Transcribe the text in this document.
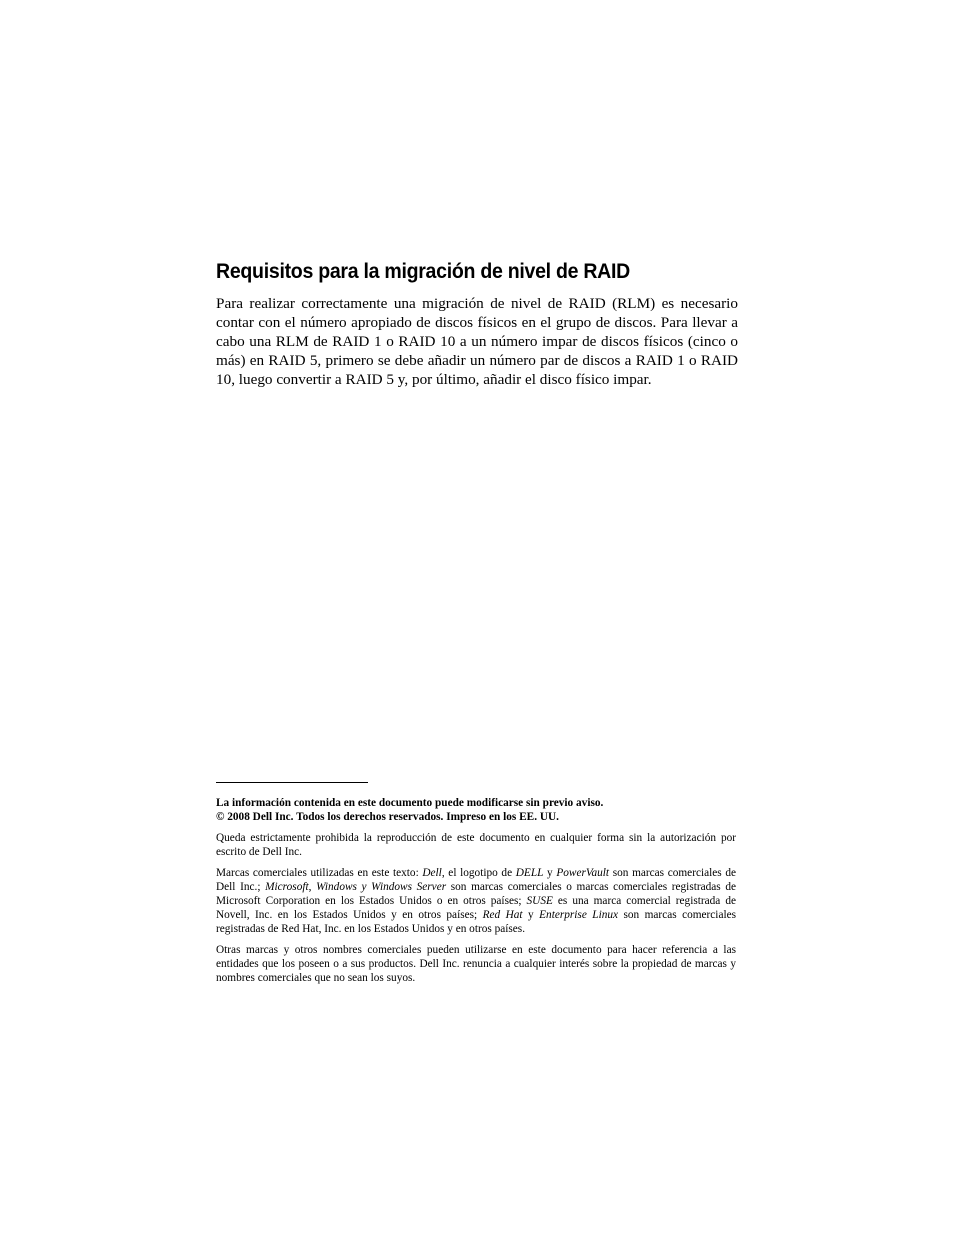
Requisitos para la migración de nivel de RAID

Para realizar correctamente una migración de nivel de RAID (RLM) es necesario contar con el número apropiado de discos físicos en el grupo de discos. Para llevar a cabo una RLM de RAID 1 o RAID 10 a un número impar de discos físicos (cinco o más) en RAID 5, primero se debe añadir un número par de discos a RAID 1 o RAID 10, luego convertir a RAID 5 y, por último, añadir el disco físico impar.

La información contenida en este documento puede modificarse sin previo aviso.
© 2008 Dell Inc. Todos los derechos reservados. Impreso en los EE. UU.

Queda estrictamente prohibida la reproducción de este documento en cualquier forma sin la autorización por escrito de Dell Inc.

Marcas comerciales utilizadas en este texto: Dell, el logotipo de DELL y PowerVault son marcas comerciales de Dell Inc.; Microsoft, Windows y Windows Server son marcas comerciales o marcas comerciales registradas de Microsoft Corporation en los Estados Unidos o en otros países; SUSE es una marca comercial registrada de Novell, Inc. en los Estados Unidos y en otros países; Red Hat y Enterprise Linux son marcas comerciales registradas de Red Hat, Inc. en los Estados Unidos y en otros países.

Otras marcas y otros nombres comerciales pueden utilizarse en este documento para hacer referencia a las entidades que los poseen o a sus productos. Dell Inc. renuncia a cualquier interés sobre la propiedad de marcas y nombres comerciales que no sean los suyos.
